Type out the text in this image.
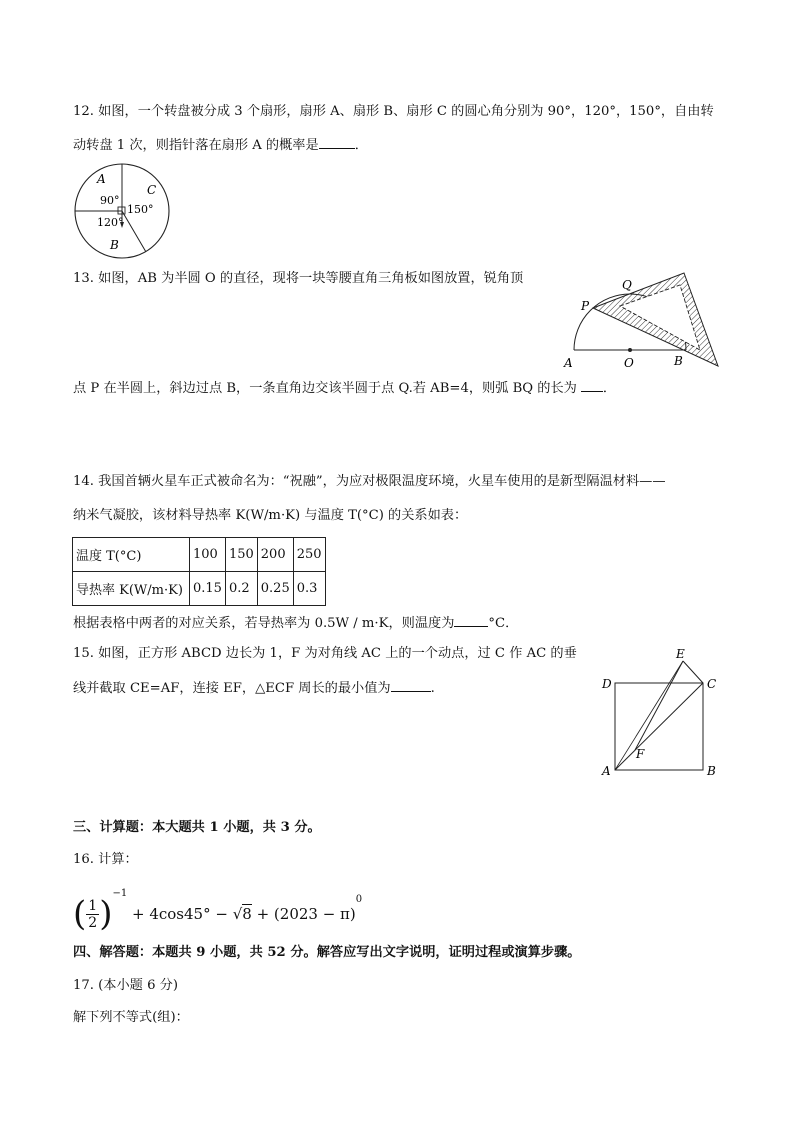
12. 如图，一个转盘被分成 3 个扇形，扇形 A、扇形 B、扇形 C 的圆心角分别为 90°，120°，150°，自由转
动转盘 1 次，则指针落在扇形 A 的概率是	．
A
C
B
90°
150°
120°
13. 如图，AB 为半圆 O 的直径，现将一块等腰直角三角板如图放置，锐角顶
点 P 在半圆上，斜边过点 B，一条直角边交该半圆于点 Q.若 AB=4，则弧 BQ 的长为 ．
P
Q
A	O	B
14. 我国首辆火星车正式被命名为：“祝融”，为应对极限温度环境，火星车使用的是新型隔温材料——
纳米气凝胶，该材料导热率 K(W/m·K) 与温度 T(°C) 的关系如表：
温度 T(°C)	100	150	200	250
导热率 K(W/m·K)	0.15	0.2	0.25	0.3
根据表格中两者的对应关系，若导热率为 0.5W / m·K，则温度为	°C．
15. 如图，正方形 ABCD 边长为 1，F 为对角线 AC 上的一个动点，过 C 作 AC 的垂
线并截取 CE=AF，连接 EF，△ECF 周长的最小值为	.
E
D	C
F
A	B
三、计算题：本大题共 1 小题，共 3 分。
16. 计算：
( $\frac{1}{2} )^{-1} + 4\cos 45^\circ - √8 + (2023 - \pi)^0$
四、解答题：本题共 9 小题，共 52 分。解答应写出文字说明，证明过程或演算步骤。
17. (本小题 6 分)
解下列不等式(组)：
